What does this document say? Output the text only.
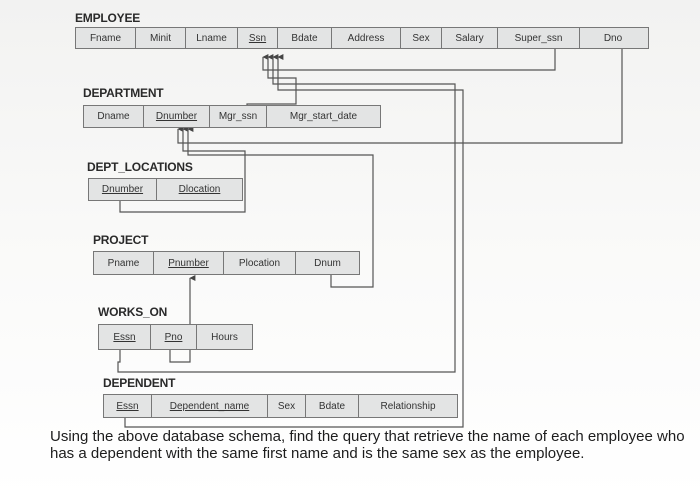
EMPLOYEE
Fname	Minit	Lname	Ssn	Bdate	Address	Sex	Salary	Super_ssn	Dno
DEPARTMENT
Dname	Dnumber	Mgr_ssn	Mgr_start_date
DEPT_LOCATIONS
Dnumber	Dlocation
PROJECT
Pname	Pnumber	Plocation	Dnum
WORKS_ON
Essn	Pno	Hours
DEPENDENT
Essn	Dependent_name	Sex	Bdate	Relationship

Using the above database schema, find the query that retrieve the name of each employee who has a dependent with the same first name and is the same sex as the employee.
